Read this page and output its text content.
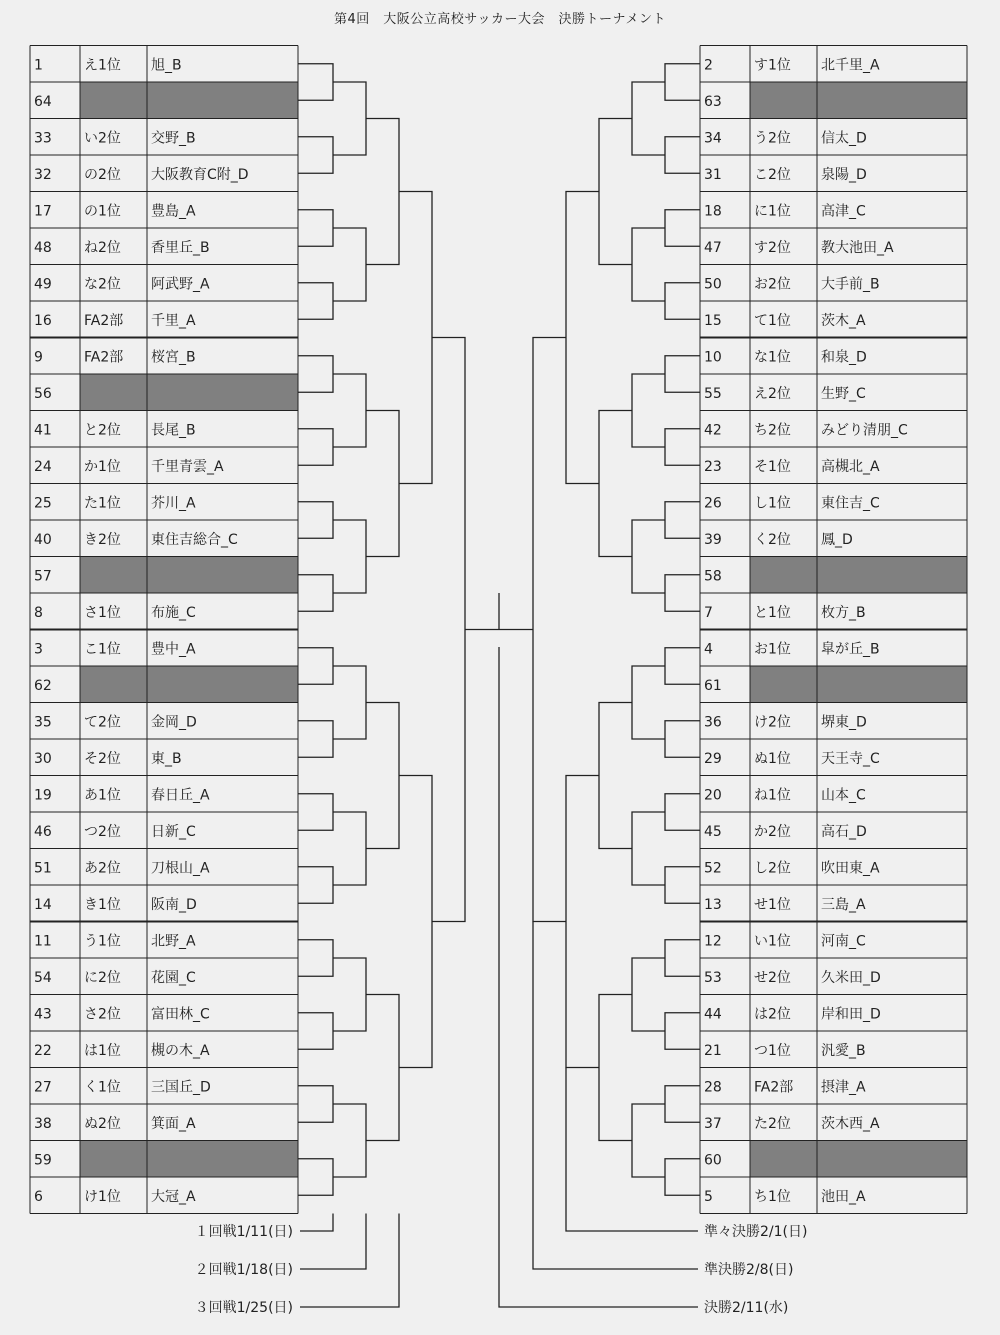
第4回　大阪公立高校サッカー大会　決勝トーナメント
1	え1位 旭_B
64
33 い2位 交野_B
32 の2位 大阪教育C附_D
17 の1位 豊島_A
48 ね2位 香里丘_B
49 な2位 阿武野_A
16 FA2部 千里_A
9	FA2部 桜宮_B
56
41 と2位 長尾_B
24 か1位 千里青雲_A
25 た1位 芥川_A
40 き2位 東住吉総合_C
57
8	さ1位 布施_C
3	こ1位 豊中_A
62
35 て2位 金岡_D
30 そ2位 東_B
19 あ1位 春日丘_A
46 つ2位 日新_C
51 あ2位 刀根山_A
14 き1位 阪南_D
11 う1位 北野_A
54 に2位 花園_C
43 さ2位 富田林_C
22 は1位 槻の木_A
27 く1位 三国丘_D
38 ぬ2位 箕面_A
59
6	け1位 大冠_A
2	す1位 北千里_A
63
34 う2位 信太_D
31 こ2位 泉陽_D
18 に1位 高津_C
47 す2位 教大池田_A
50 お2位 大手前_B
15 て1位 茨木_A
10 な1位 和泉_D
55 え2位 生野_C
42 ち2位 みどり清朋_C
23 そ1位 高槻北_A
26 し1位 東住吉_C
39 く2位 鳳_D
58
7	と1位 枚方_B
4	お1位 皐が丘_B
61
36 け2位 堺東_D
29 ぬ1位 天王寺_C
20 ね1位 山本_C
45 か2位 高石_D
52 し2位 吹田東_A
13 せ1位 三島_A
12 い1位 河南_C
53 せ2位 久米田_D
44 は2位 岸和田_D
21 つ1位 汎愛_B
28 FA2部 摂津_A
37 た2位 茨木西_A
60
5	ち1位 池田_A
１回戦1/11(日)
２回戦1/18(日)
３回戦1/25(日)
準々決勝2/1(日)
準決勝2/8(日)
決勝2/11(水)
